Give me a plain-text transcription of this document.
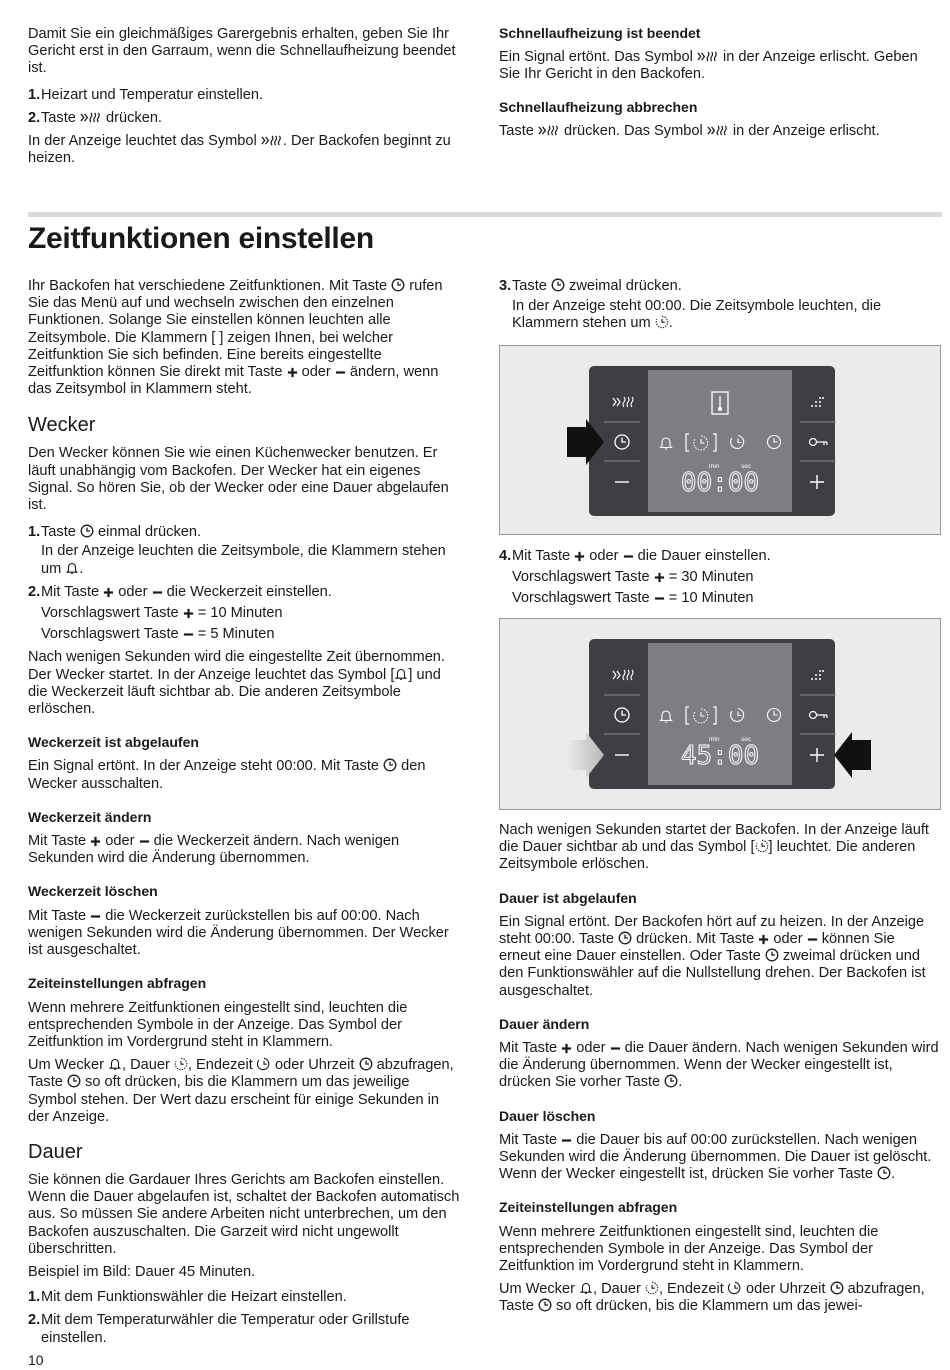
Damit Sie ein gleichmäßiges Garergebnis erhalten, geben Sie Ihr Gericht erst in den Garraum, wenn die Schnellaufheizung beendet ist.

1. Heizart und Temperatur einstellen.
2. Taste drücken.

In der Anzeige leuchtet das Symbol . Der Backofen beginnt zu heizen.

Schnellaufheizung ist beendet

Ein Signal ertönt. Das Symbol in der Anzeige erlischt. Geben Sie Ihr Gericht in den Backofen.

Schnellaufheizung abbrechen

Taste drücken. Das Symbol in der Anzeige erlischt.

Zeitfunktionen einstellen

Ihr Backofen hat verschiedene Zeitfunktionen. Mit Taste rufen Sie das Menü auf und wechseln zwischen den einzelnen Funktionen. Solange Sie einstellen können leuchten alle Zeitsymbole. Die Klammern [ ] zeigen Ihnen, bei welcher Zeitfunktion Sie sich befinden. Eine bereits eingestellte Zeitfunktion können Sie direkt mit Taste oder ändern, wenn das Zeitsymbol in Klammern steht.

Wecker

Den Wecker können Sie wie einen Küchenwecker benutzen. Er läuft unabhängig vom Backofen. Der Wecker hat ein eigenes Signal. So hören Sie, ob der Wecker oder eine Dauer abgelaufen ist.

1. Taste einmal drücken.

In der Anzeige leuchten die Zeitsymbole, die Klammern stehen um .

2. Mit Taste oder die Weckerzeit einstellen.

Vorschlagswert Taste = 10 Minuten

Vorschlagswert Taste = 5 Minuten

Nach wenigen Sekunden wird die eingestellte Zeit übernommen. Der Wecker startet. In der Anzeige leuchtet das Symbol [ ] und die Weckerzeit läuft sichtbar ab. Die anderen Zeitsymbole erlöschen.

Weckerzeit ist abgelaufen

Ein Signal ertönt. In der Anzeige steht 00:00. Mit Taste den Wecker ausschalten.

Weckerzeit ändern

Mit Taste oder die Weckerzeit ändern. Nach wenigen Sekunden wird die Änderung übernommen.

Weckerzeit löschen

Mit Taste die Weckerzeit zurückstellen bis auf 00:00. Nach wenigen Sekunden wird die Änderung übernommen. Der Wecker ist ausgeschaltet.

Zeiteinstellungen abfragen

Wenn mehrere Zeitfunktionen eingestellt sind, leuchten die entsprechenden Symbole in der Anzeige. Das Symbol der Zeitfunktion im Vordergrund steht in Klammern.

Um Wecker , Dauer , Endezeit oder Uhrzeit abzufragen, Taste so oft drücken, bis die Klammern um das jeweilige Symbol stehen. Der Wert dazu erscheint für einige Sekunden in der Anzeige.

Dauer

Sie können die Gardauer Ihres Gerichts am Backofen einstellen. Wenn die Dauer abgelaufen ist, schaltet der Backofen automatisch aus. So müssen Sie andere Arbeiten nicht unterbrechen, um den Backofen auszuschalten. Die Garzeit wird nicht ungewollt überschritten.

Beispiel im Bild: Dauer 45 Minuten.

1. Mit dem Funktionswähler die Heizart einstellen.
2. Mit dem Temperaturwähler die Temperatur oder Grillstufe einstellen.
3. Taste zweimal drücken.

In der Anzeige steht 00:00. Die Zeitsymbole leuchten, die Klammern stehen um .

min	sec
00:00
4. Mit Taste oder die Dauer einstellen.

Vorschlagswert Taste = 30 Minuten

Vorschlagswert Taste = 10 Minuten

min	sec
45:00

Nach wenigen Sekunden startet der Backofen. In der Anzeige läuft die Dauer sichtbar ab und das Symbol [ ] leuchtet. Die anderen Zeitsymbole erlöschen.

Dauer ist abgelaufen

Ein Signal ertönt. Der Backofen hört auf zu heizen. In der Anzeige steht 00:00. Taste drücken. Mit Taste oder können Sie erneut eine Dauer einstellen. Oder Taste zweimal drücken und den Funktionswähler auf die Nullstellung drehen. Der Backofen ist ausgeschaltet.

Dauer ändern

Mit Taste oder die Dauer ändern. Nach wenigen Sekunden wird die Änderung übernommen. Wenn der Wecker eingestellt ist, drücken Sie vorher Taste .

Dauer löschen

Mit Taste die Dauer bis auf 00:00 zurückstellen. Nach wenigen Sekunden wird die Änderung übernommen. Die Dauer ist gelöscht. Wenn der Wecker eingestellt ist, drücken Sie vorher Taste .

Zeiteinstellungen abfragen

Wenn mehrere Zeitfunktionen eingestellt sind, leuchten die entsprechenden Symbole in der Anzeige. Das Symbol der Zeitfunktion im Vordergrund steht in Klammern.

Um Wecker , Dauer , Endezeit oder Uhrzeit abzufragen, Taste so oft drücken, bis die Klammern um das jewei-

10
